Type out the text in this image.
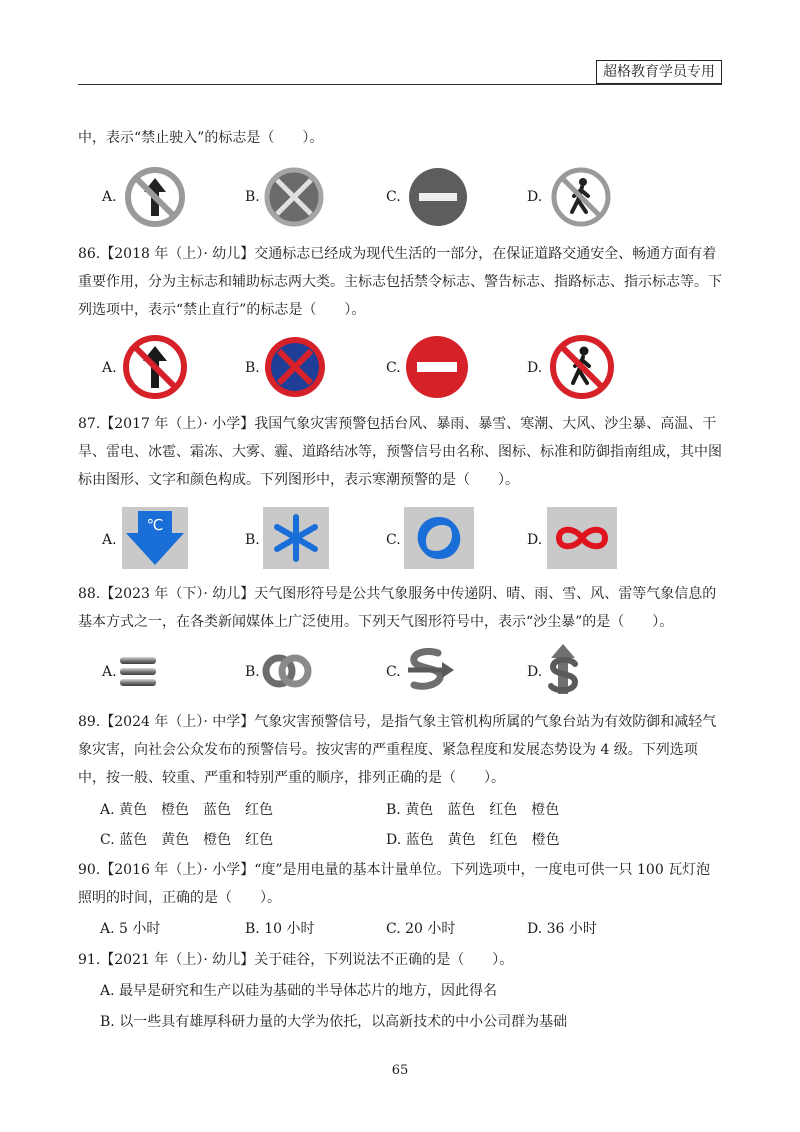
超格教育学员专用
中，表示“禁止驶入”的标志是（　　）。
A.	B.	C.	D.
86.【2018 年（上）· 幼儿】交通标志已经成为现代生活的一部分，在保证道路交通安全、畅通方面有着重要作用，分为主标志和辅助标志两大类。主标志包括禁令标志、警告标志、指路标志、指示标志等。下列选项中，表示“禁止直行”的标志是（　　）。
A.	B.	C.	D.
87.【2017 年（上）· 小学】我国气象灾害预警包括台风、暴雨、暴雪、寒潮、大风、沙尘暴、高温、干旱、雷电、冰雹、霜冻、大雾、霾、道路结冰等，预警信号由名称、图标、标准和防御指南组成，其中图标由图形、文字和颜色构成。下列图形中，表示寒潮预警的是（　　）。
A.
℃
B.	C.	D.
88.【2023 年（下）· 幼儿】天气图形符号是公共气象服务中传递阴、晴、雨、雪、风、雷等气象信息的基本方式之一，在各类新闻媒体上广泛使用。下列天气图形符号中，表示“沙尘暴”的是（　　）。
A.	B.	C.	D.
89.【2024 年（上）· 中学】气象灾害预警信号，是指气象主管机构所属的气象台站为有效防御和减轻气象灾害，向社会公众发布的预警信号。按灾害的严重程度、紧急程度和发展态势设为 4 级。下列选项中，按一般、较重、严重和特别严重的顺序，排列正确的是（　　）。
A. 黄色　橙色　蓝色　红色	B. 黄色　蓝色　红色　橙色
C. 蓝色　黄色　橙色　红色	D. 蓝色　黄色　红色　橙色
90.【2016 年（上）· 小学】“度”是用电量的基本计量单位。下列选项中，一度电可供一只 100 瓦灯泡照明的时间，正确的是（　　）。
A. 5 小时	B. 10 小时	C. 20 小时	D. 36 小时
91.【2021 年（上）· 幼儿】关于硅谷，下列说法不正确的是（　　）。
A. 最早是研究和生产以硅为基础的半导体芯片的地方，因此得名
B. 以一些具有雄厚科研力量的大学为依托，以高新技术的中小公司群为基础
65
